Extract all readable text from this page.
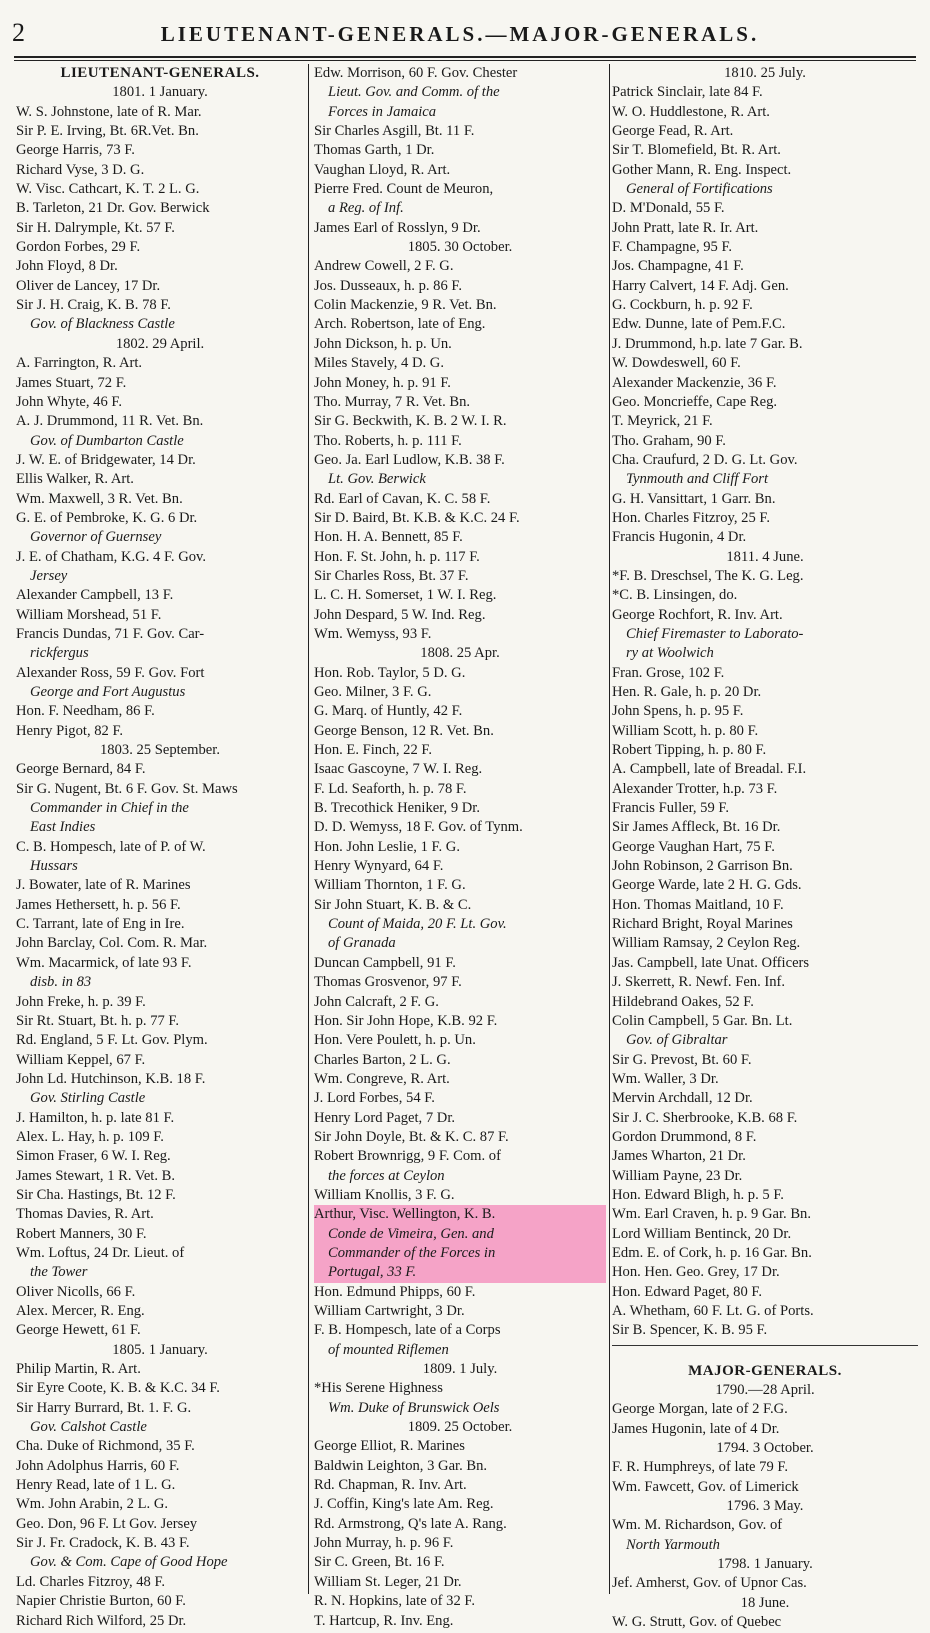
2	LIEUTENANT-GENERALS.—MAJOR-GENERALS.
LIEUTENANT-GENERALS.
1801. 1 January.
W. S. Johnstone, late of R. Mar.
Sir P. E. Irving, Bt. 6R.Vet. Bn.
George Harris, 73 F.
Richard Vyse, 3 D. G.
W. Visc. Cathcart, K. T. 2 L. G.
B. Tarleton, 21 Dr. Gov. Berwick
Sir H. Dalrymple, Kt. 57 F.
Gordon Forbes, 29 F.
John Floyd, 8 Dr.
Oliver de Lancey, 17 Dr.
Sir J. H. Craig, K. B. 78 F.
Gov. of Blackness Castle
1802. 29 April.
A. Farrington, R. Art.
James Stuart, 72 F.
John Whyte, 46 F.
A. J. Drummond, 11 R. Vet. Bn.
Gov. of Dumbarton Castle
J. W. E. of Bridgewater, 14 Dr.
Ellis Walker, R. Art.
Wm. Maxwell, 3 R. Vet. Bn.
G. E. of Pembroke, K. G. 6 Dr.
Governor of Guernsey
J. E. of Chatham, K.G. 4 F. Gov.
Jersey
Alexander Campbell, 13 F.
William Morshead, 51 F.
Francis Dundas, 71 F. Gov. Car-
rickfergus
Alexander Ross, 59 F. Gov. Fort
George and Fort Augustus
Hon. F. Needham, 86 F.
Henry Pigot, 82 F.
1803. 25 September.
George Bernard, 84 F.
Sir G. Nugent, Bt. 6 F. Gov. St. Maws
Commander in Chief in the
East Indies
C. B. Hompesch, late of P. of W.
Hussars
J. Bowater, late of R. Marines
James Hethersett, h. p. 56 F.
C. Tarrant, late of Eng in Ire.
John Barclay, Col. Com. R. Mar.
Wm. Macarmick, of late 93 F.
disb. in 83
John Freke, h. p. 39 F.
Sir Rt. Stuart, Bt. h. p. 77 F.
Rd. England, 5 F. Lt. Gov. Plym.
William Keppel, 67 F.
John Ld. Hutchinson, K.B. 18 F.
Gov. Stirling Castle
J. Hamilton, h. p. late 81 F.
Alex. L. Hay, h. p. 109 F.
Simon Fraser, 6 W. I. Reg.
James Stewart, 1 R. Vet. B.
Sir Cha. Hastings, Bt. 12 F.
Thomas Davies, R. Art.
Robert Manners, 30 F.
Wm. Loftus, 24 Dr. Lieut. of
the Tower
Oliver Nicolls, 66 F.
Alex. Mercer, R. Eng.
George Hewett, 61 F.
1805. 1 January.
Philip Martin, R. Art.
Sir Eyre Coote, K. B. & K.C. 34 F.
Sir Harry Burrard, Bt. 1. F. G.
Gov. Calshot Castle
Cha. Duke of Richmond, 35 F.
John Adolphus Harris, 60 F.
Henry Read, late of 1 L. G.
Wm. John Arabin, 2 L. G.
Geo. Don, 96 F. Lt Gov. Jersey
Sir J. Fr. Cradock, K. B. 43 F.
Gov. & Com. Cape of Good Hope
Ld. Charles Fitzroy, 48 F.
Napier Christie Burton, 60 F.
Richard Rich Wilford, 25 Dr.
Edw. Morrison, 60 F. Gov. Chester
Lieut. Gov. and Comm. of the
Forces in Jamaica
Sir Charles Asgill, Bt. 11 F.
Thomas Garth, 1 Dr.
Vaughan Lloyd, R. Art.
Pierre Fred. Count de Meuron,
a Reg. of Inf.
James Earl of Rosslyn, 9 Dr.
1805. 30 October.
Andrew Cowell, 2 F. G.
Jos. Dusseaux, h. p. 86 F.
Colin Mackenzie, 9 R. Vet. Bn.
Arch. Robertson, late of Eng.
John Dickson, h. p. Un.
Miles Stavely, 4 D. G.
John Money, h. p. 91 F.
Tho. Murray, 7 R. Vet. Bn.
Sir G. Beckwith, K. B. 2 W. I. R.
Tho. Roberts, h. p. 111 F.
Geo. Ja. Earl Ludlow, K.B. 38 F.
Lt. Gov. Berwick
Rd. Earl of Cavan, K. C. 58 F.
Sir D. Baird, Bt. K.B. & K.C. 24 F.
Hon. H. A. Bennett, 85 F.
Hon. F. St. John, h. p. 117 F.
Sir Charles Ross, Bt. 37 F.
L. C. H. Somerset, 1 W. I. Reg.
John Despard, 5 W. Ind. Reg.
Wm. Wemyss, 93 F.
1808. 25 Apr.
Hon. Rob. Taylor, 5 D. G.
Geo. Milner, 3 F. G.
G. Marq. of Huntly, 42 F.
George Benson, 12 R. Vet. Bn.
Hon. E. Finch, 22 F.
Isaac Gascoyne, 7 W. I. Reg.
F. Ld. Seaforth, h. p. 78 F.
B. Trecothick Heniker, 9 Dr.
D. D. Wemyss, 18 F. Gov. of Tynm.
Hon. John Leslie, 1 F. G.
Henry Wynyard, 64 F.
William Thornton, 1 F. G.
Sir John Stuart, K. B. & C.
Count of Maida, 20 F. Lt. Gov.
of Granada
Duncan Campbell, 91 F.
Thomas Grosvenor, 97 F.
John Calcraft, 2 F. G.
Hon. Sir John Hope, K.B. 92 F.
Hon. Vere Poulett, h. p. Un.
Charles Barton, 2 L. G.
Wm. Congreve, R. Art.
J. Lord Forbes, 54 F.
Henry Lord Paget, 7 Dr.
Sir John Doyle, Bt. & K. C. 87 F.
Robert Brownrigg, 9 F. Com. of
the forces at Ceylon
William Knollis, 3 F. G.
Arthur, Visc. Wellington, K. B.
Conde de Vimeira, Gen. and
Commander of the Forces in
Portugal, 33 F.
Hon. Edmund Phipps, 60 F.
William Cartwright, 3 Dr.
F. B. Hompesch, late of a Corps
of mounted Riflemen
1809. 1 July.
*His Serene Highness
Wm. Duke of Brunswick Oels
1809. 25 October.
George Elliot, R. Marines
Baldwin Leighton, 3 Gar. Bn.
Rd. Chapman, R. Inv. Art.
J. Coffin, King's late Am. Reg.
Rd. Armstrong, Q's late A. Rang.
John Murray, h. p. 96 F.
Sir C. Green, Bt. 16 F.
William St. Leger, 21 Dr.
R. N. Hopkins, late of 32 F.
T. Hartcup, R. Inv. Eng.
1810. 25 July.
Patrick Sinclair, late 84 F.
W. O. Huddlestone, R. Art.
George Fead, R. Art.
Sir T. Blomefield, Bt. R. Art.
Gother Mann, R. Eng. Inspect.
General of Fortifications
D. M'Donald, 55 F.
John Pratt, late R. Ir. Art.
F. Champagne, 95 F.
Jos. Champagne, 41 F.
Harry Calvert, 14 F. Adj. Gen.
G. Cockburn, h. p. 92 F.
Edw. Dunne, late of Pem.F.C.
J. Drummond, h.p. late 7 Gar. B.
W. Dowdeswell, 60 F.
Alexander Mackenzie, 36 F.
Geo. Moncrieffe, Cape Reg.
T. Meyrick, 21 F.
Tho. Graham, 90 F.
Cha. Craufurd, 2 D. G. Lt. Gov.
Tynmouth and Cliff Fort
G. H. Vansittart, 1 Garr. Bn.
Hon. Charles Fitzroy, 25 F.
Francis Hugonin, 4 Dr.
1811. 4 June.
*F. B. Dreschsel, The K. G. Leg.
*C. B. Linsingen, do.
George Rochfort, R. Inv. Art.
Chief Firemaster to Laborato-
ry at Woolwich
Fran. Grose, 102 F.
Hen. R. Gale, h. p. 20 Dr.
John Spens, h. p. 95 F.
William Scott, h. p. 80 F.
Robert Tipping, h. p. 80 F.
A. Campbell, late of Breadal. F.I.
Alexander Trotter, h.p. 73 F.
Francis Fuller, 59 F.
Sir James Affleck, Bt. 16 Dr.
George Vaughan Hart, 75 F.
John Robinson, 2 Garrison Bn.
George Warde, late 2 H. G. Gds.
Hon. Thomas Maitland, 10 F.
Richard Bright, Royal Marines
William Ramsay, 2 Ceylon Reg.
Jas. Campbell, late Unat. Officers
J. Skerrett, R. Newf. Fen. Inf.
Hildebrand Oakes, 52 F.
Colin Campbell, 5 Gar. Bn. Lt.
Gov. of Gibraltar
Sir G. Prevost, Bt. 60 F.
Wm. Waller, 3 Dr.
Mervin Archdall, 12 Dr.
Sir J. C. Sherbrooke, K.B. 68 F.
Gordon Drummond, 8 F.
James Wharton, 21 Dr.
William Payne, 23 Dr.
Hon. Edward Bligh, h. p. 5 F.
Wm. Earl Craven, h. p. 9 Gar. Bn.
Lord William Bentinck, 20 Dr.
Edm. E. of Cork, h. p. 16 Gar. Bn.
Hon. Hen. Geo. Grey, 17 Dr.
Hon. Edward Paget, 80 F.
A. Whetham, 60 F. Lt. G. of Ports.
Sir B. Spencer, K. B. 95 F.
MAJOR-GENERALS.
1790.—28 April.
George Morgan, late of 2 F.G.
James Hugonin, late of 4 Dr.
1794. 3 October.
F. R. Humphreys, of late 79 F.
Wm. Fawcett, Gov. of Limerick
1796. 3 May.
Wm. M. Richardson, Gov. of
North Yarmouth
1798. 1 January.
Jef. Amherst, Gov. of Upnor Cas.
18 June.
W. G. Strutt, Gov. of Quebec
